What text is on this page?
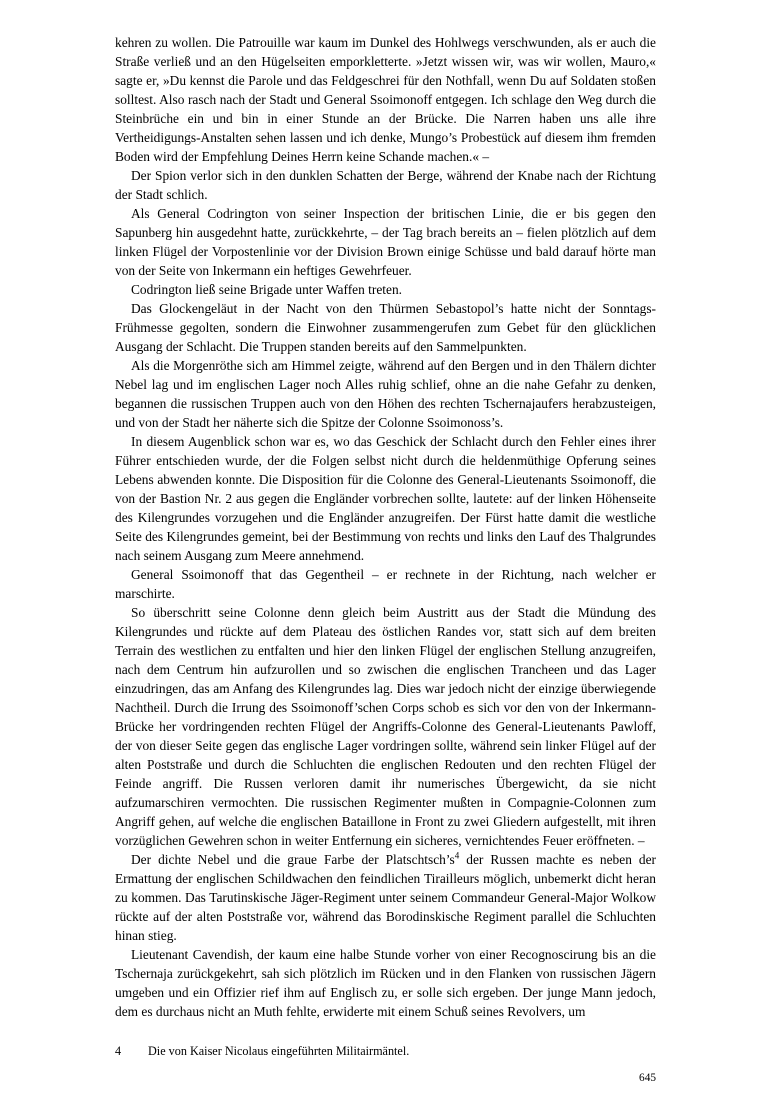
kehren zu wollen. Die Patrouille war kaum im Dunkel des Hohlwegs verschwunden, als er auch die Straße verließ und an den Hügelseiten emporkletterte. »Jetzt wissen wir, was wir wollen, Mauro,« sagte er, »Du kennst die Parole und das Feldgeschrei für den Nothfall, wenn Du auf Soldaten stoßen solltest. Also rasch nach der Stadt und General Ssoimonoff entgegen. Ich schlage den Weg durch die Steinbrüche ein und bin in einer Stunde an der Brücke. Die Narren haben uns alle ihre Vertheidigungs-Anstalten sehen lassen und ich denke, Mungo’s Probestück auf diesem ihm fremden Boden wird der Empfehlung Deines Herrn keine Schande machen.« –

Der Spion verlor sich in den dunklen Schatten der Berge, während der Knabe nach der Richtung der Stadt schlich.

Als General Codrington von seiner Inspection der britischen Linie, die er bis gegen den Sapunberg hin ausgedehnt hatte, zurückkehrte, – der Tag brach bereits an – fielen plötzlich auf dem linken Flügel der Vorpostenlinie vor der Division Brown einige Schüsse und bald darauf hörte man von der Seite von Inkermann ein heftiges Gewehrfeuer.

Codrington ließ seine Brigade unter Waffen treten.

Das Glockengeläut in der Nacht von den Thürmen Sebastopol’s hatte nicht der Sonntags-Frühmesse gegolten, sondern die Einwohner zusammengerufen zum Gebet für den glücklichen Ausgang der Schlacht. Die Truppen standen bereits auf den Sammelpunkten.

Als die Morgenröthe sich am Himmel zeigte, während auf den Bergen und in den Thälern dichter Nebel lag und im englischen Lager noch Alles ruhig schlief, ohne an die nahe Gefahr zu denken, begannen die russischen Truppen auch von den Höhen des rechten Tschernajaufers herabzusteigen, und von der Stadt her näherte sich die Spitze der Colonne Ssoimonoss’s.

In diesem Augenblick schon war es, wo das Geschick der Schlacht durch den Fehler eines ihrer Führer entschieden wurde, der die Folgen selbst nicht durch die heldenmüthige Opferung seines Lebens abwenden konnte. Die Disposition für die Colonne des General-Lieutenants Ssoimonoff, die von der Bastion Nr. 2 aus gegen die Engländer vorbrechen sollte, lautete: auf der linken Höhenseite des Kilengrundes vorzugehen und die Engländer anzugreifen. Der Fürst hatte damit die westliche Seite des Kilengrundes gemeint, bei der Bestimmung von rechts und links den Lauf des Thalgrundes nach seinem Ausgang zum Meere annehmend.

General Ssoimonoff that das Gegentheil – er rechnete in der Richtung, nach welcher er marschirte.

So überschritt seine Colonne denn gleich beim Austritt aus der Stadt die Mündung des Kilengrundes und rückte auf dem Plateau des östlichen Randes vor, statt sich auf dem breiten Terrain des westlichen zu entfalten und hier den linken Flügel der englischen Stellung anzugreifen, nach dem Centrum hin aufzurollen und so zwischen die englischen Trancheen und das Lager einzudringen, das am Anfang des Kilengrundes lag. Dies war jedoch nicht der einzige überwiegende Nachtheil. Durch die Irrung des Ssoimonoff’schen Corps schob es sich vor den von der Inkermann-Brücke her vordringenden rechten Flügel der Angriffs-Colonne des General-Lieutenants Pawloff, der von dieser Seite gegen das englische Lager vordringen sollte, während sein linker Flügel auf der alten Poststraße und durch die Schluchten die englischen Redouten und den rechten Flügel der Feinde angriff. Die Russen verloren damit ihr numerisches Übergewicht, da sie nicht aufzumarschiren vermochten. Die russischen Regimenter mußten in Compagnie-Colonnen zum Angriff gehen, auf welche die englischen Bataillone in Front zu zwei Gliedern aufgestellt, mit ihren vorzüglichen Gewehren schon in weiter Entfernung ein sicheres, vernichtendes Feuer eröffneten. –

Der dichte Nebel und die graue Farbe der $Platschtsch’s^4$ der Russen machte es neben der Ermattung der englischen Schildwachen den feindlichen Tirailleurs möglich, unbemerkt dicht heran zu kommen. Das Tarutinskische Jäger-Regiment unter seinem Commandeur General-Major Wolkow rückte auf der alten Poststraße vor, während das Borodinskische Regiment parallel die Schluchten hinan stieg.

Lieutenant Cavendish, der kaum eine halbe Stunde vorher von einer Recognoscirung bis an die Tschernaja zurückgekehrt, sah sich plötzlich im Rücken und in den Flanken von russischen Jägern umgeben und ein Offizier rief ihm auf Englisch zu, er solle sich ergeben. Der junge Mann jedoch, dem es durchaus nicht an Muth fehlte, erwiderte mit einem Schuß seines Revolvers, um

4	Die von Kaiser Nicolaus eingeführten Militairmäntel.
645
